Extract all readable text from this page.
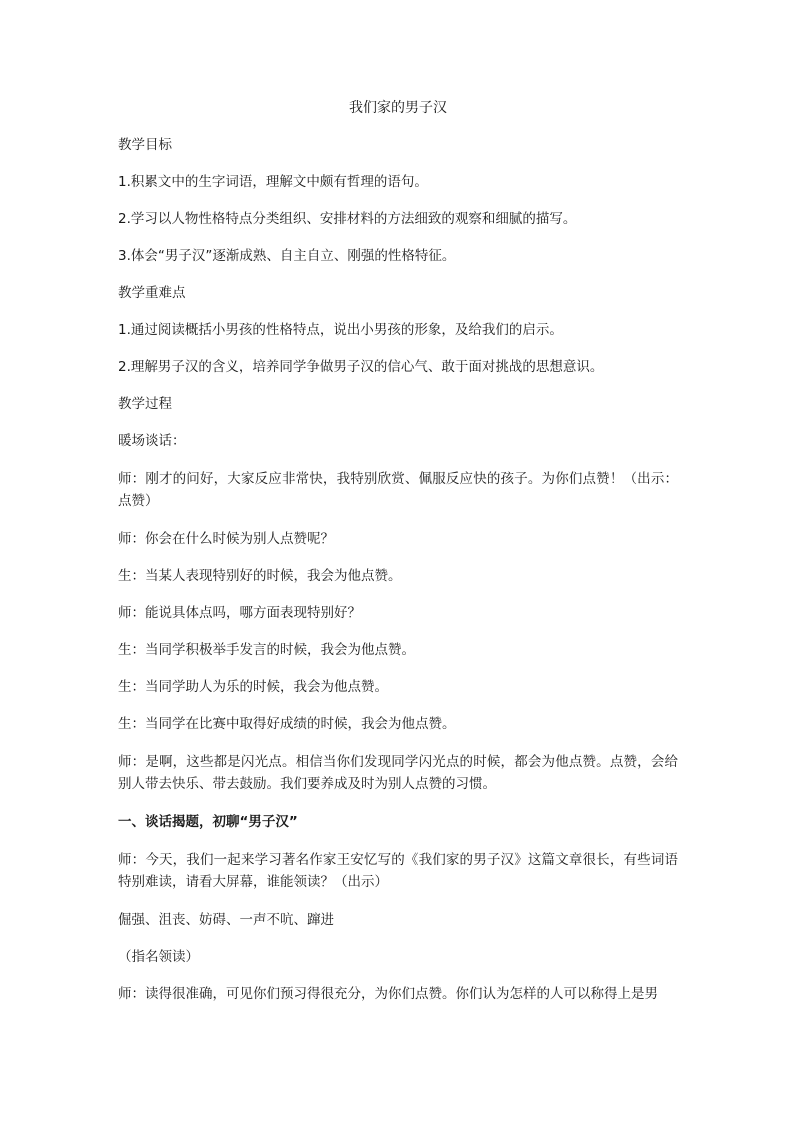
我们家的男子汉

教学目标

1.积累文中的生字词语，理解文中颇有哲理的语句。

2.学习以人物性格特点分类组织、安排材料的方法细致的观察和细腻的描写。

3.体会“男子汉”逐渐成熟、自主自立、刚强的性格特征。

教学重难点

1.通过阅读概括小男孩的性格特点，说出小男孩的形象，及给我们的启示。

2.理解男子汉的含义，培养同学争做男子汉的信心气、敢于面对挑战的思想意识。

教学过程

暖场谈话：

师：刚才的问好，大家反应非常快，我特别欣赏、佩服反应快的孩子。为你们点赞！（出示：点赞）

师：你会在什么时候为别人点赞呢？

生：当某人表现特别好的时候，我会为他点赞。

师：能说具体点吗，哪方面表现特别好？

生：当同学积极举手发言的时候，我会为他点赞。

生：当同学助人为乐的时候，我会为他点赞。

生：当同学在比赛中取得好成绩的时候，我会为他点赞。

师：是啊，这些都是闪光点。相信当你们发现同学闪光点的时候，都会为他点赞。点赞，会给别人带去快乐、带去鼓励。我们要养成及时为别人点赞的习惯。

一、谈话揭题，初聊“男子汉”

师：今天，我们一起来学习著名作家王安忆写的《我们家的男子汉》这篇文章很长，有些词语特别难读，请看大屏幕，谁能领读？（出示）

倔强、沮丧、妨碍、一声不吭、蹿进

（指名领读）

师：读得很准确，可见你们预习得很充分，为你们点赞。你们认为怎样的人可以称得上是男
